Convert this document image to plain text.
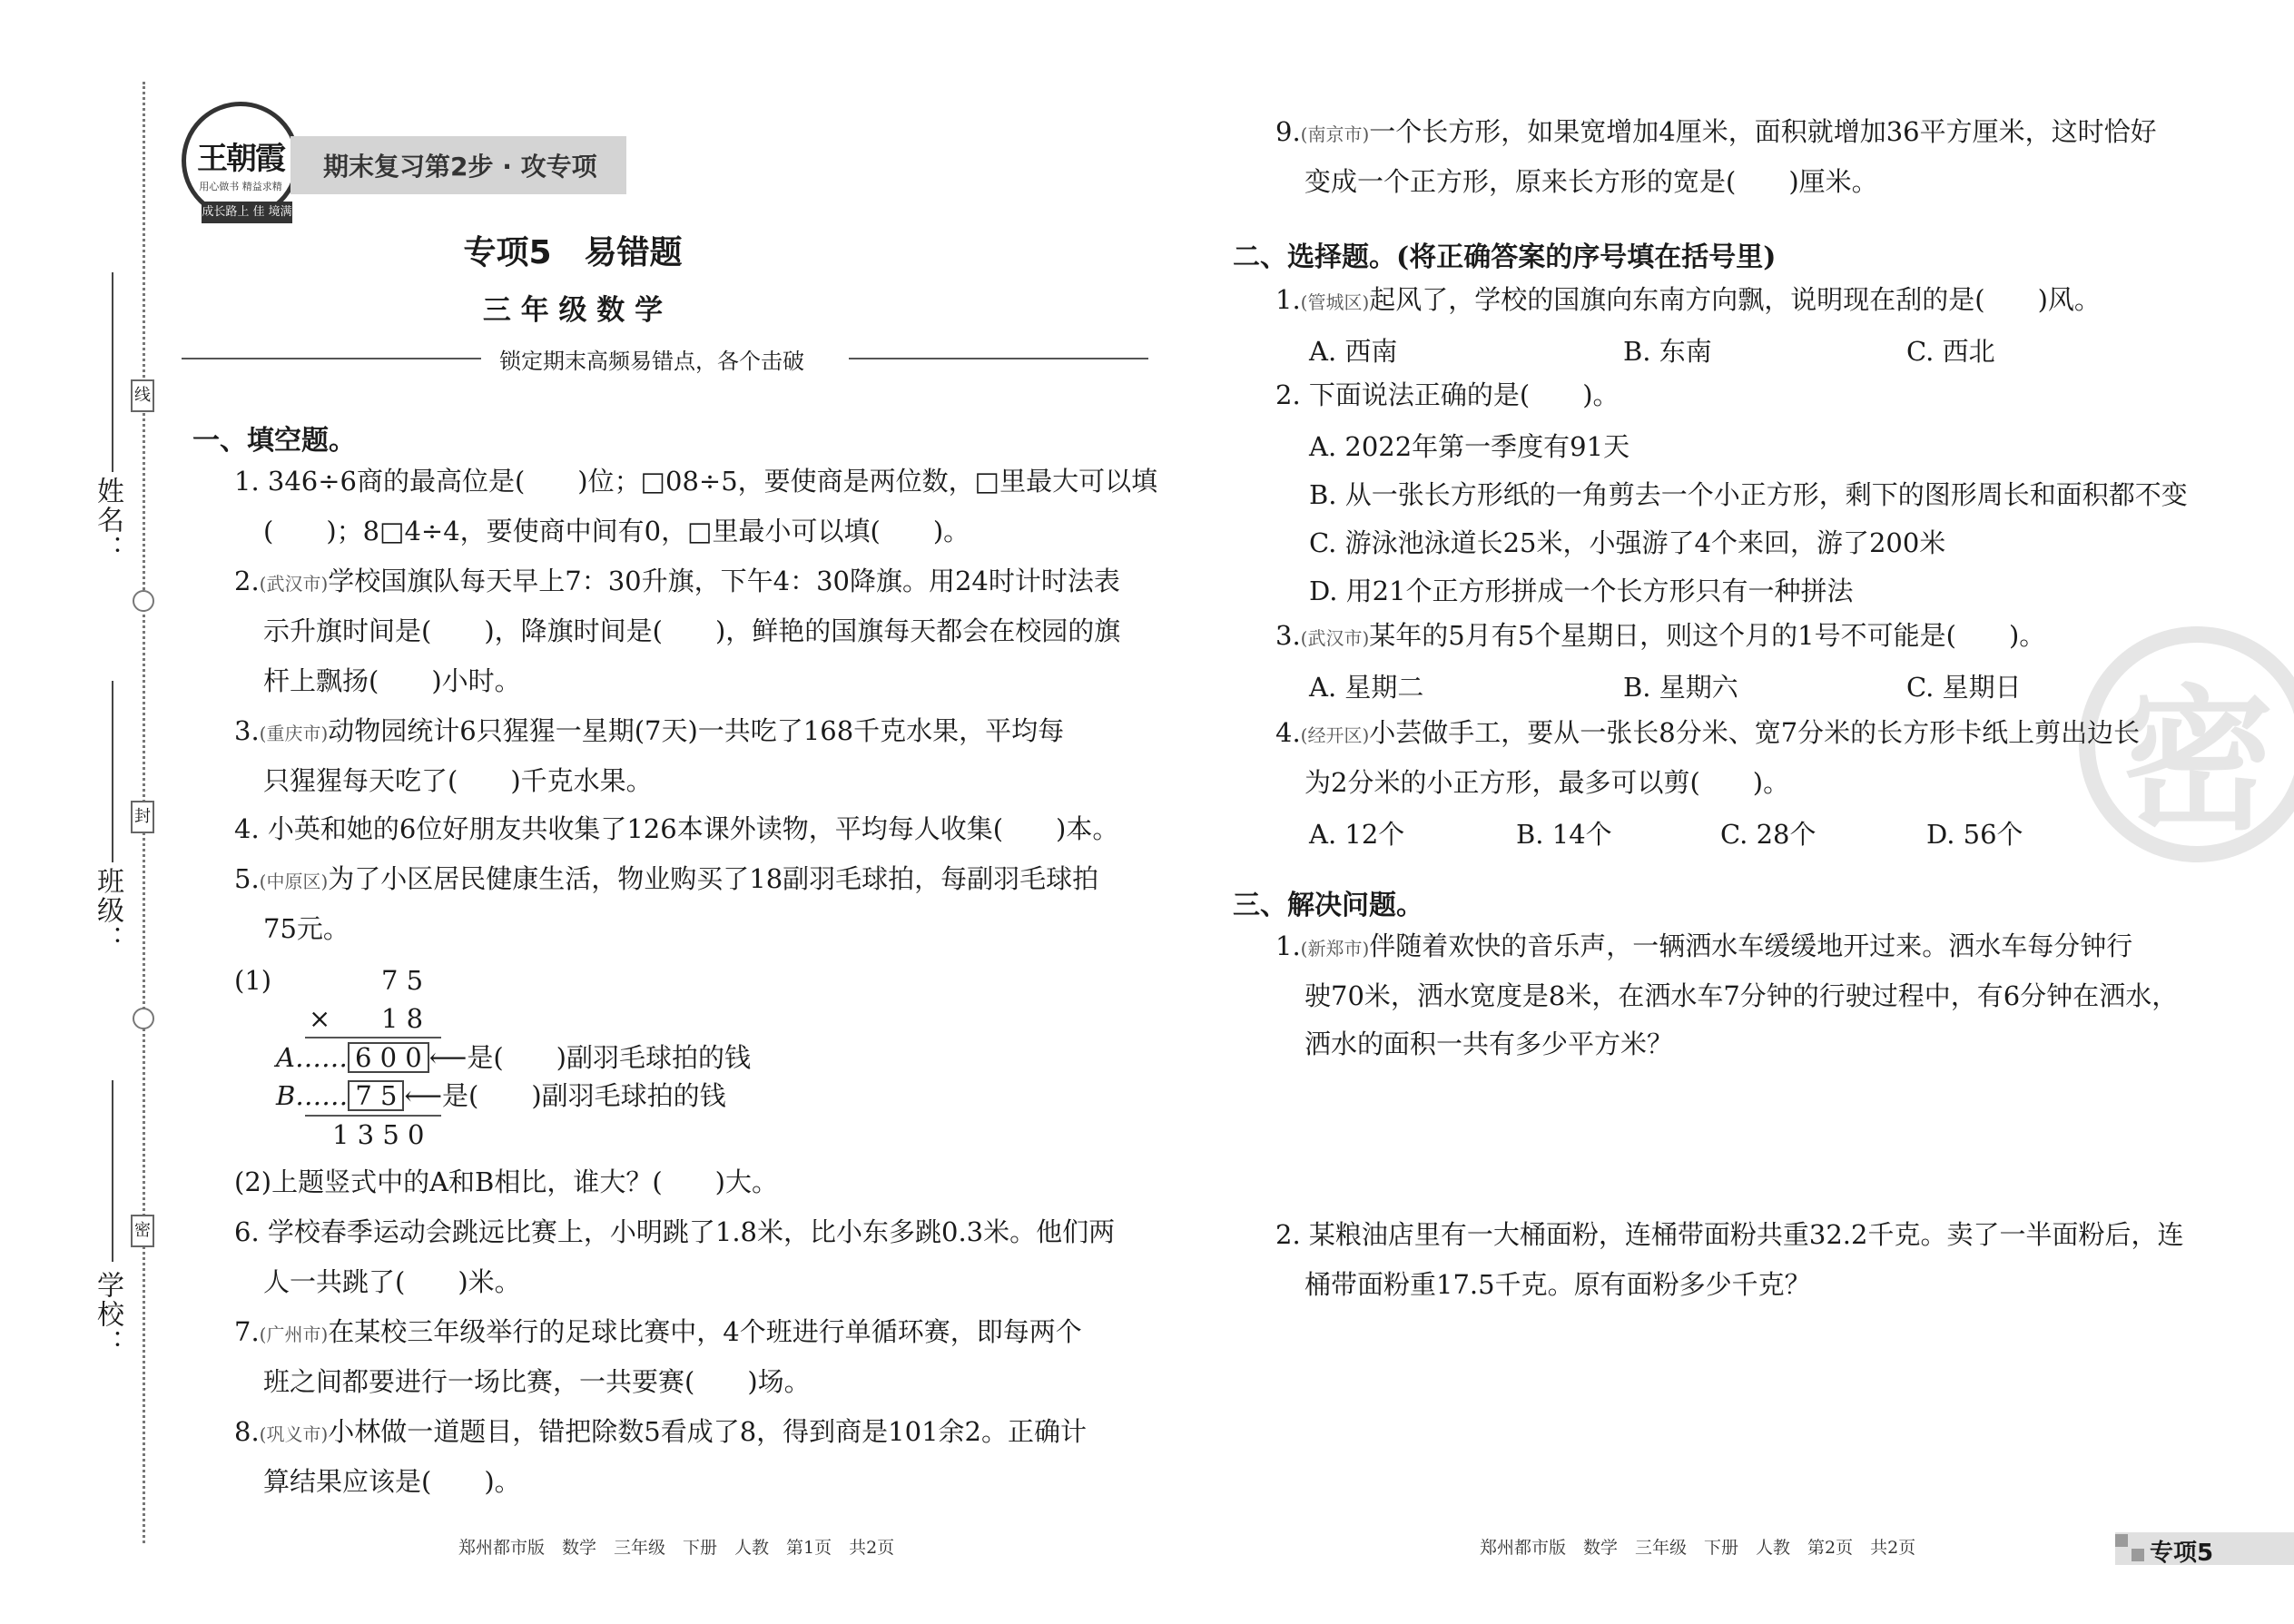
姓名：
线
班级：
封
学校：
密
王朝霞
用心做书 精益求精
成长路上 佳 境满天
期末复习第2步 · 攻专项
专项5　易错题
三 年 级 数 学
锁定期末高频易错点，各个击破
一、填空题。
1. 346÷6商的最高位是(　　)位；□08÷5，要使商是两位数，□里最大可以填
(　　)；8□4÷4，要使商中间有0，□里最小可以填(　　)。
2.(武汉市)学校国旗队每天早上7：30升旗，下午4：30降旗。用24时计时法表
示升旗时间是(　　)，降旗时间是(　　)，鲜艳的国旗每天都会在校园的旗
杆上飘扬(　　)小时。
3.(重庆市)动物园统计6只猩猩一星期(7天)一共吃了168千克水果，平均每
只猩猩每天吃了(　　)千克水果。
4. 小英和她的6位好朋友共收集了126本课外读物，平均每人收集(　　)本。
5.(中原区)为了小区居民健康生活，物业购买了18副羽毛球拍，每副羽毛球拍
75元。
(1)	7 5
× 1 8
A…… 6 0 0 ⟵是(　　)副羽毛球拍的钱
B…… 7 5 ⟵是(　　)副羽毛球拍的钱
1 3 5 0
(2)上题竖式中的A和B相比，谁大？(　　)大。
6. 学校春季运动会跳远比赛上，小明跳了1.8米，比小东多跳0.3米。他们两
人一共跳了(　　)米。
7.(广州市)在某校三年级举行的足球比赛中，4个班进行单循环赛，即每两个
班之间都要进行一场比赛，一共要赛(　　)场。
8.(巩义市)小林做一道题目，错把除数5看成了8，得到商是101余2。正确计
算结果应该是(　　)。
郑州都市版　数学　三年级　下册　人教　第1页　共2页
密
9.(南京市)一个长方形，如果宽增加4厘米，面积就增加36平方厘米，这时恰好
变成一个正方形，原来长方形的宽是(　　)厘米。
二、选择题。(将正确答案的序号填在括号里)
1.(管城区)起风了，学校的国旗向东南方向飘，说明现在刮的是(　　)风。
A. 西南	B. 东南	C. 西北
2. 下面说法正确的是(　　)。
A. 2022年第一季度有91天
B. 从一张长方形纸的一角剪去一个小正方形，剩下的图形周长和面积都不变
C. 游泳池泳道长25米，小强游了4个来回，游了200米
D. 用21个正方形拼成一个长方形只有一种拼法
3.(武汉市)某年的5月有5个星期日，则这个月的1号不可能是(　　)。
A. 星期二	B. 星期六	C. 星期日
4.(经开区)小芸做手工，要从一张长8分米、宽7分米的长方形卡纸上剪出边长
为2分米的小正方形，最多可以剪(　　)。
A. 12个	B. 14个	C. 28个	D. 56个
三、解决问题。
1.(新郑市)伴随着欢快的音乐声，一辆洒水车缓缓地开过来。洒水车每分钟行
驶70米，洒水宽度是8米，在洒水车7分钟的行驶过程中，有6分钟在洒水，
洒水的面积一共有多少平方米？
2. 某粮油店里有一大桶面粉，连桶带面粉共重32.2千克。卖了一半面粉后，连
桶带面粉重17.5千克。原有面粉多少千克？
郑州都市版　数学　三年级　下册　人教　第2页　共2页	专项5
